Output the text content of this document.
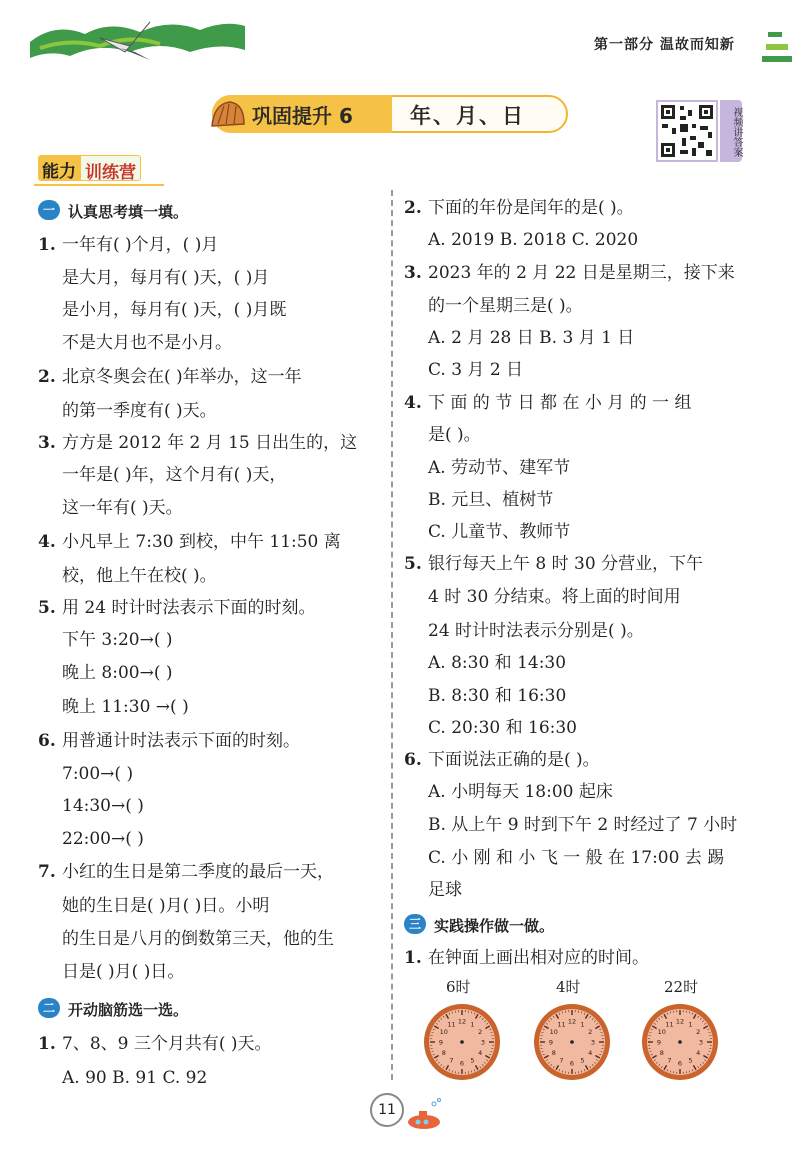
第一部分 温故而知新
巩固提升 6	年、月、日	视频讲答案
能力 训练营
一 认真思考填一填。
1. 一年有( )个月，( )月
是大月，每月有( )天，( )月
是小月，每月有( )天，( )月既
不是大月也不是小月。
2. 北京冬奥会在( )年举办，这一年
的第一季度有( )天。
3. 方方是 2012 年 2 月 15 日出生的，这
一年是( )年，这个月有( )天，
这一年有( )天。
4. 小凡早上 7:30 到校，中午 11:50 离
校，他上午在校( )。
5. 用 24 时计时法表示下面的时刻。
下午 3:20→( )
晚上 8:00→( )
晚上 11:30 →( )
6. 用普通计时法表示下面的时刻。
7:00→( )
14:30→( )
22:00→( )
7. 小红的生日是第二季度的最后一天，
她的生日是( )月( )日。小明
的生日是八月的倒数第三天，他的生
日是( )月( )日。
二 开动脑筋选一选。
1. 7、8、9 三个月共有( )天。
A. 90 B. 91 C. 92
2. 下面的年份是闰年的是( )。
A. 2019 B. 2018 C. 2020
3. 2023 年的 2 月 22 日是星期三，接下来
的一个星期三是( )。
A. 2 月 28 日 B. 3 月 1 日
C. 3 月 2 日
4. 下 面 的 节 日 都 在 小 月 的 一 组
是( )。
A. 劳动节、建军节
B. 元旦、植树节
C. 儿童节、教师节
5. 银行每天上午 8 时 30 分营业，下午
4 时 30 分结束。将上面的时间用
24 时计时法表示分别是( )。
A. 8:30 和 14:30
B. 8:30 和 16:30
C. 20:30 和 16:30
6. 下面说法正确的是( )。
A. 小明每天 18:00 起床
B. 从上午 9 时到下午 2 时经过了 7 小时
C. 小 刚 和 小 飞 一 般 在 17:00 去 踢
足球
三 实践操作做一做。
1. 在钟面上画出相对应的时间。
6时
1
2
3
4
5
6
7
8
9
10
11 12
4时
1
2
3
4
5
6
7
8
9
10
11 12
22时
1
2
3
4
5
6
7
8
9
10
11 12
11
